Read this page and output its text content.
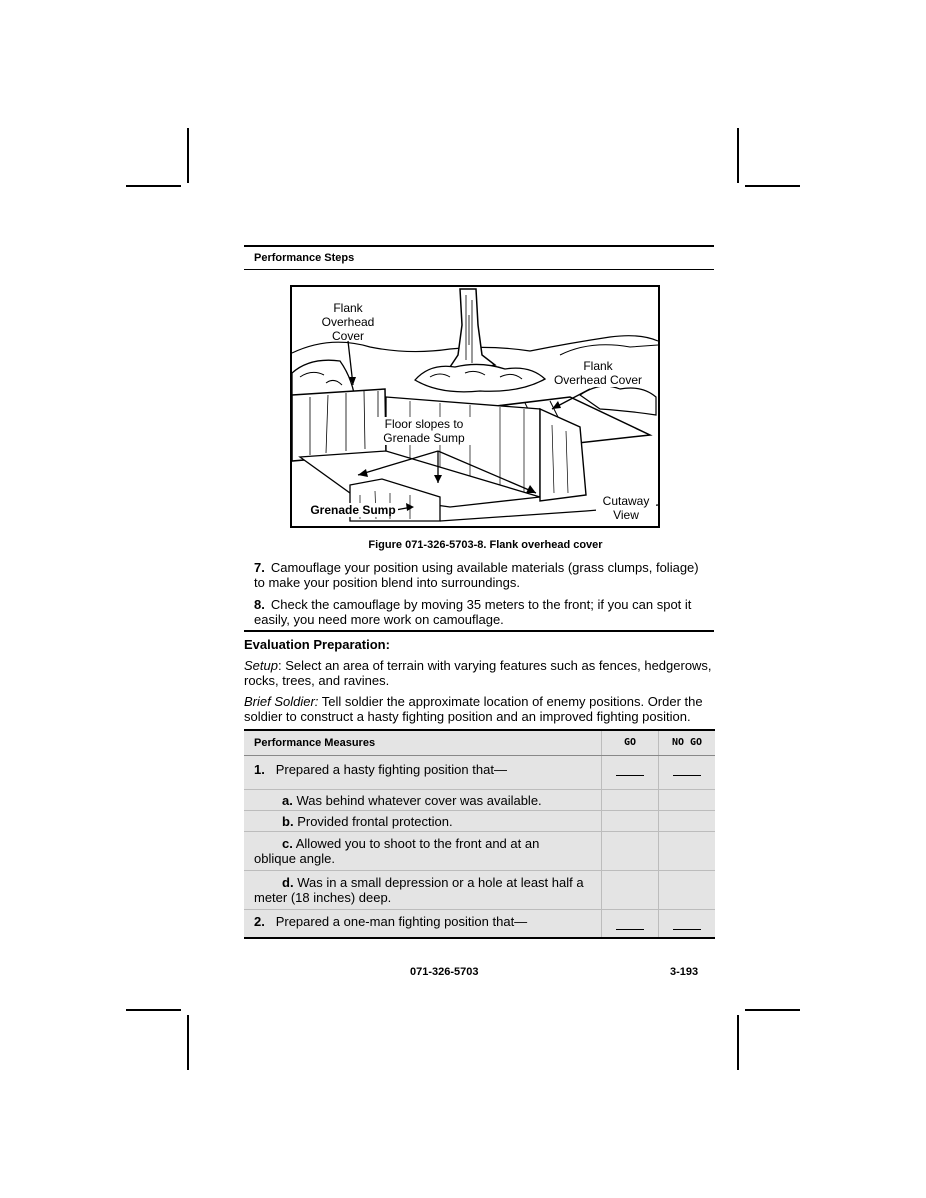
Performance Steps
Flank
Overhead
Cover
Flank
Overhead Cover
Floor slopes to
Grenade Sump
Cutaway
View
Grenade Sump
Figure 071-326-5703-8. Flank overhead cover
7. Camouflage your position using available materials (grass clumps, foliage) to make your position blend into surroundings.
8. Check the camouflage by moving 35 meters to the front; if you can spot it easily, you need more work on camouflage.
Evaluation Preparation:
Setup: Select an area of terrain with varying features such as fences, hedgerows, rocks, trees, and ravines.
Brief Soldier: Tell soldier the approximate location of enemy positions. Order the soldier to construct a hasty fighting position and an improved fighting position.
Performance Measures	GO	NO GO
1. Prepared a hasty fighting position that—		
a. Was behind whatever cover was available.		
b. Provided frontal protection.		
c. Allowed you to shoot to the front and at an oblique angle.		
d. Was in a small depression or a hole at least half a meter (18 inches) deep.		
2. Prepared a one-man fighting position that—		
071-326-5703	3-193
